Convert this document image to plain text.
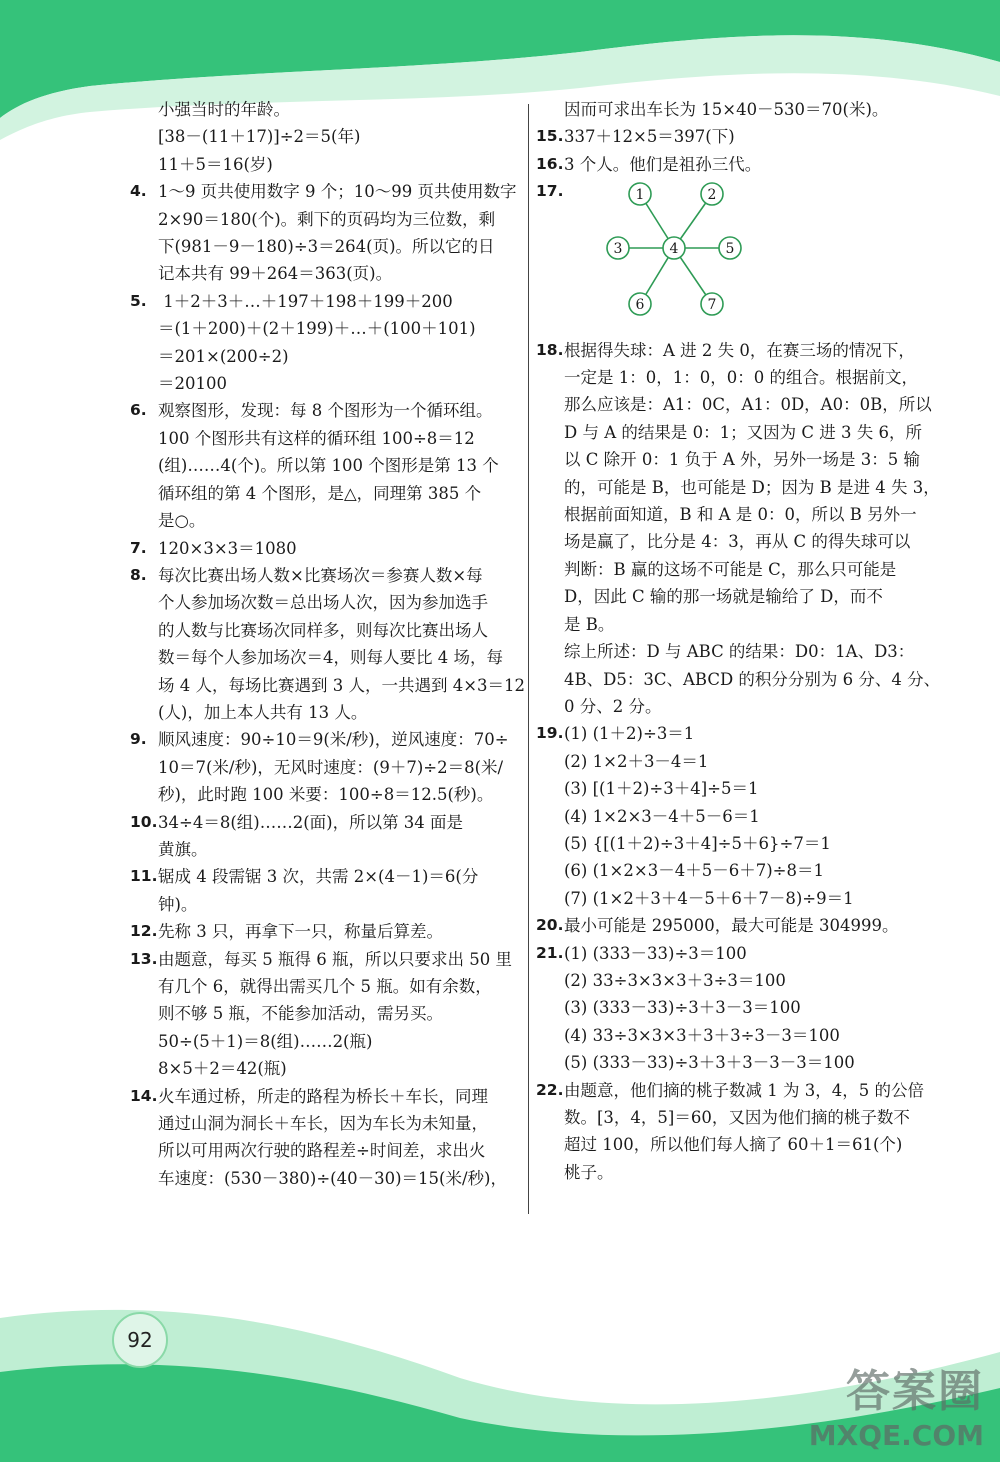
小强当时的年龄。
[38－(11＋17)]÷2＝5(年)
11＋5＝16(岁)
4. 1～9 页共使用数字 9 个；10～99 页共使用数字
2×90＝180(个)。剩下的页码均为三位数，剩
下(981－9－180)÷3＝264(页)。所以它的日
记本共有 99＋264＝363(页)。
5. 1＋2＋3＋…＋197＋198＋199＋200
＝(1＋200)＋(2＋199)＋…＋(100＋101)
＝201×(200÷2)
＝20100
6. 观察图形，发现：每 8 个图形为一个循环组。
100 个图形共有这样的循环组 100÷8＝12
(组)……4(个)。所以第 100 个图形是第 13 个
循环组的第 4 个图形，是△，同理第 385 个
是○。
7. 120×3×3＝1080
8. 每次比赛出场人数×比赛场次＝参赛人数×每
个人参加场次数＝总出场人次，因为参加选手
的人数与比赛场次同样多，则每次比赛出场人
数＝每个人参加场次＝4，则每人要比 4 场，每
场 4 人，每场比赛遇到 3 人，一共遇到 4×3＝12
(人)，加上本人共有 13 人。
9. 顺风速度：90÷10＝9(米/秒)，逆风速度：70÷
10＝7(米/秒)，无风时速度：(9＋7)÷2＝8(米/
秒)，此时跑 100 米要：100÷8＝12.5(秒)。
10. 34÷4＝8(组)……2(面)，所以第 34 面是
黄旗。
11. 锯成 4 段需锯 3 次，共需 2×(4－1)＝6(分
钟)。
12. 先称 3 只，再拿下一只，称量后算差。
13. 由题意，每买 5 瓶得 6 瓶，所以只要求出 50 里
有几个 6，就得出需买几个 5 瓶。如有余数，
则不够 5 瓶，不能参加活动，需另买。
50÷(5＋1)＝8(组)……2(瓶)
8×5＋2＝42(瓶)
14. 火车通过桥，所走的路程为桥长＋车长，同理
通过山洞为洞长＋车长，因为车长为未知量，
所以可用两次行驶的路程差÷时间差，求出火
车速度：(530－380)÷(40－30)＝15(米/秒)，
因而可求出车长为 15×40－530＝70(米)。
15. 337＋12×5＝397(下)
16. 3 个人。他们是祖孙三代。
17.	1	2
3	5
6	7
4
18. 根据得失球：A 进 2 失 0，在赛三场的情况下，
一定是 1：0，1：0，0：0 的组合。根据前文，
那么应该是：A1：0C，A1：0D，A0：0B，所以
D 与 A 的结果是 0：1；又因为 C 进 3 失 6，所
以 C 除开 0：1 负于 A 外，另外一场是 3：5 输
的，可能是 B，也可能是 D；因为 B 是进 4 失 3，
根据前面知道，B 和 A 是 0：0，所以 B 另外一
场是赢了，比分是 4：3，再从 C 的得失球可以
判断：B 赢的这场不可能是 C，那么只可能是
D，因此 C 输的那一场就是输给了 D，而不
是 B。
综上所述：D 与 ABC 的结果：D0：1A、D3：
4B、D5：3C、ABCD 的积分分别为 6 分、4 分、
0 分、2 分。
19. (1) (1＋2)÷3＝1
(2) 1×2＋3－4＝1
(3) [(1＋2)÷3＋4]÷5＝1
(4) 1×2×3－4＋5－6＝1
(5) {[(1＋2)÷3＋4]÷5＋6}÷7＝1
(6) (1×2×3－4＋5－6＋7)÷8＝1
(7) (1×2＋3＋4－5＋6＋7－8)÷9＝1
20. 最小可能是 295000，最大可能是 304999。
21. (1) (333－33)÷3＝100
(2) 33÷3×3×3＋3÷3＝100
(3) (333－33)÷3＋3－3＝100
(4) 33÷3×3×3＋3＋3÷3－3＝100
(5) (333－33)÷3＋3＋3－3－3＝100
22. 由题意，他们摘的桃子数减 1 为 3，4，5 的公倍
数。[3，4，5]＝60，又因为他们摘的桃子数不
超过 100，所以他们每人摘了 60＋1＝61(个)
桃子。
92
答案圈
MXQE.COM
